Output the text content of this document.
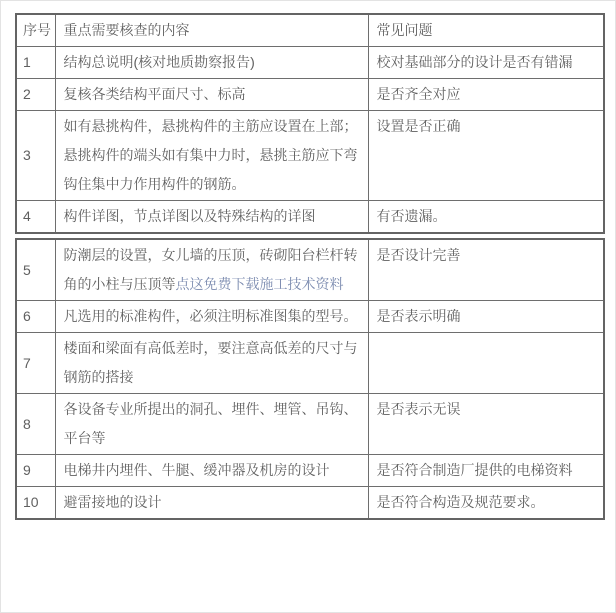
序号	重点需要核查的内容	常见问题
1	结构总说明(核对地质勘察报告)	校对基础部分的设计是否有错漏
2	复核各类结构平面尺寸、标高	是否齐全对应
3	如有悬挑构件，悬挑构件的主筋应设置在上部；悬挑构件的端头如有集中力时，悬挑主筋应下弯钩住集中力作用构件的钢筋。	设置是否正确
4	构件详图，节点详图以及特殊结构的详图	有否遗漏。
5	防潮层的设置，女儿墙的压顶，砖砌阳台栏杆转角的小柱与压顶等点这免费下载施工技术资料	是否设计完善
6	凡选用的标准构件，必须注明标准图集的型号。	是否表示明确
7	楼面和梁面有高低差时，要注意高低差的尺寸与钢筋的搭接	
8	各设备专业所提出的洞孔、埋件、埋管、吊钩、平台等	是否表示无误
9	电梯井内埋件、牛腿、缓冲器及机房的设计	是否符合制造厂提供的电梯资料
10	避雷接地的设计	是否符合构造及规范要求。
